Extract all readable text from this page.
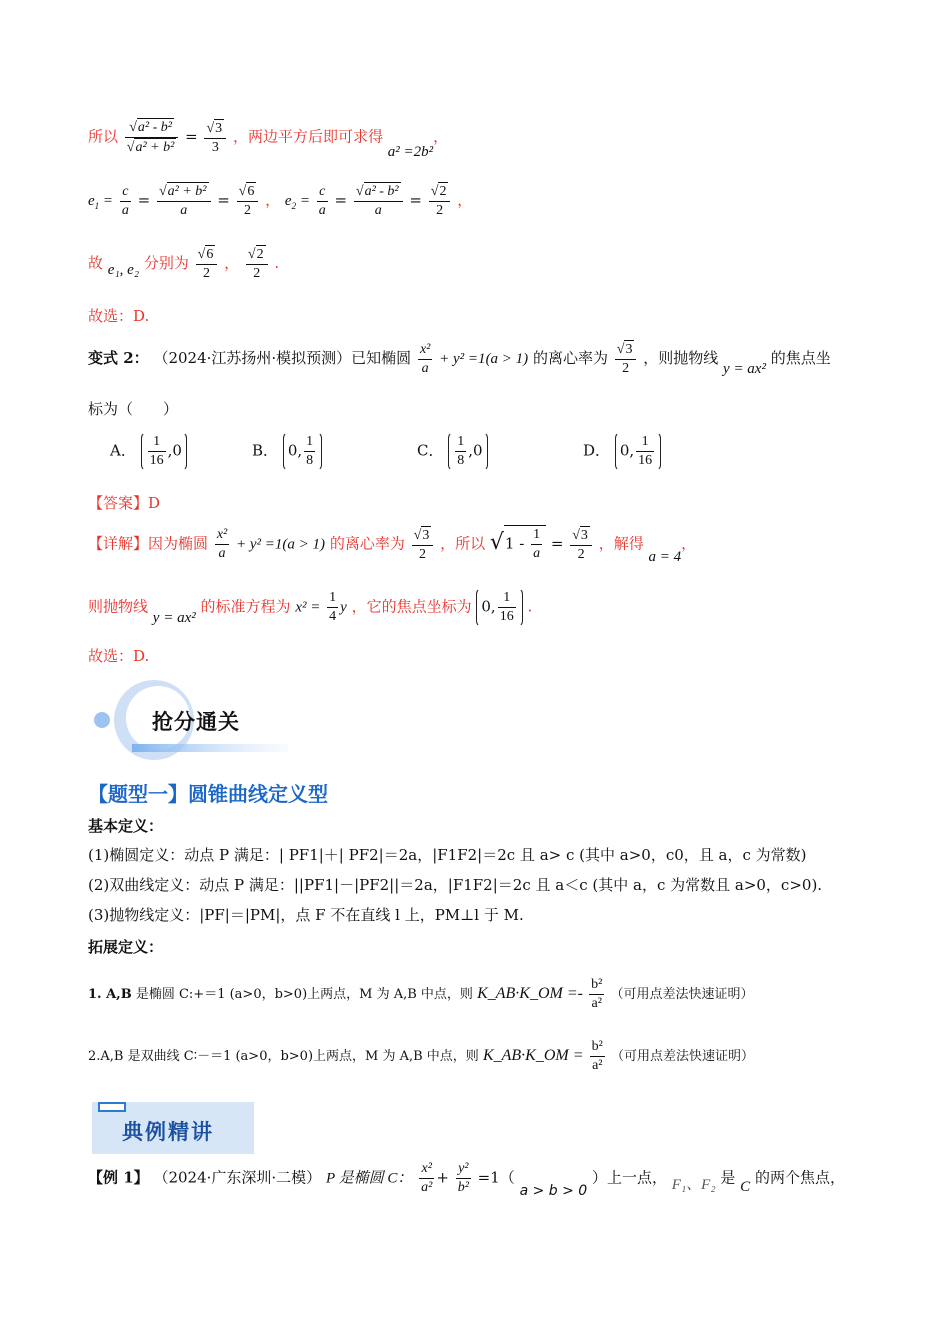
所以 √ a² - b²
√ a² + b² = √ $\frac{3}{3}$ ，两边平方后即可求得 a² =2b²，
$e_1 = \frac{c}{a}$ = √ $\frac{\text{a² + b²}}{a}$ = √ $\frac{6}{2}$ ， $e_2 = \frac{c}{a}$ = √ $\frac{\text{a² - b²}}{a}$ = √ $\frac{2}{2}$ ，
故 e₁, e₂ 分别为 √ $\frac{6}{2}$ ， √ $\frac{2}{2}$ .
故选：D.
变式 2： （2024·江苏扬州·模拟预测）已知椭圆 $\frac{\text{x²}}{a} + y^2 =1(a > 1)$ 的离心率为 √ $\frac{3}{2}$ ，则抛物线 y = ax² 的焦点坐
标为（　　）
A． $\frac{1}{16} ,0$	B． 0, $\frac{1}{8}$	C． $\frac{1}{8} ,0$	D． 0, $\frac{1}{16}$
【答案】D
【详解】因为椭圆 $\frac{\text{x²}}{a} + y^2 =1(a > 1)$ 的离心率为 √ $\frac{3}{2}$ ，所以 √ $1 - \frac{1}{a}$ = √ $\frac{3}{2}$ ，解得 a = 4，
则抛物线 y = ax² 的标准方程为 $x^2 = \frac{1}{4}$ y ，它的焦点坐标为 0, $\frac{1}{16}$ .
故选：D.
抢分通关
【题型一】圆锥曲线定义型
基本定义：
(1)椭圆定义：动点 P 满足：| PF1|＋| PF2|＝2a，|F1F2|＝2c 且 a> c (其中 a>0，c0，且 a，c 为常数)
(2)双曲线定义：动点 P 满足：||PF1|－|PF2||＝2a，|F1F2|＝2c 且 a＜c (其中 a，c 为常数且 a>0，c>0).
(3)抛物线定义：|PF|＝|PM|，点 F 不在直线 l 上，PM⊥l 于 M.
拓展定义：
1. A,B 是椭圆 C:+＝1 (a>0，b>0)上两点，M 为 A,B 中点，则 K_AB·K_OM =- $\frac{\text{b²}}{\text{a²}}$ （可用点差法快速证明）
2.A,B 是双曲线 C∶－＝1 (a>0，b>0)上两点，M 为 A,B 中点，则 K_AB·K_OM = $\frac{\text{b²}}{\text{a²}}$ （可用点差法快速证明）
典例精讲
【例 1】 （2024·广东深圳·二模） P 是椭圆 C： $\frac{\text{x²}}{\text{a²}} + \frac{\text{y²}}{\text{b²}} =1$（ a > b > 0 ）上一点， F₁、F₂ 是 C 的两个焦点，
